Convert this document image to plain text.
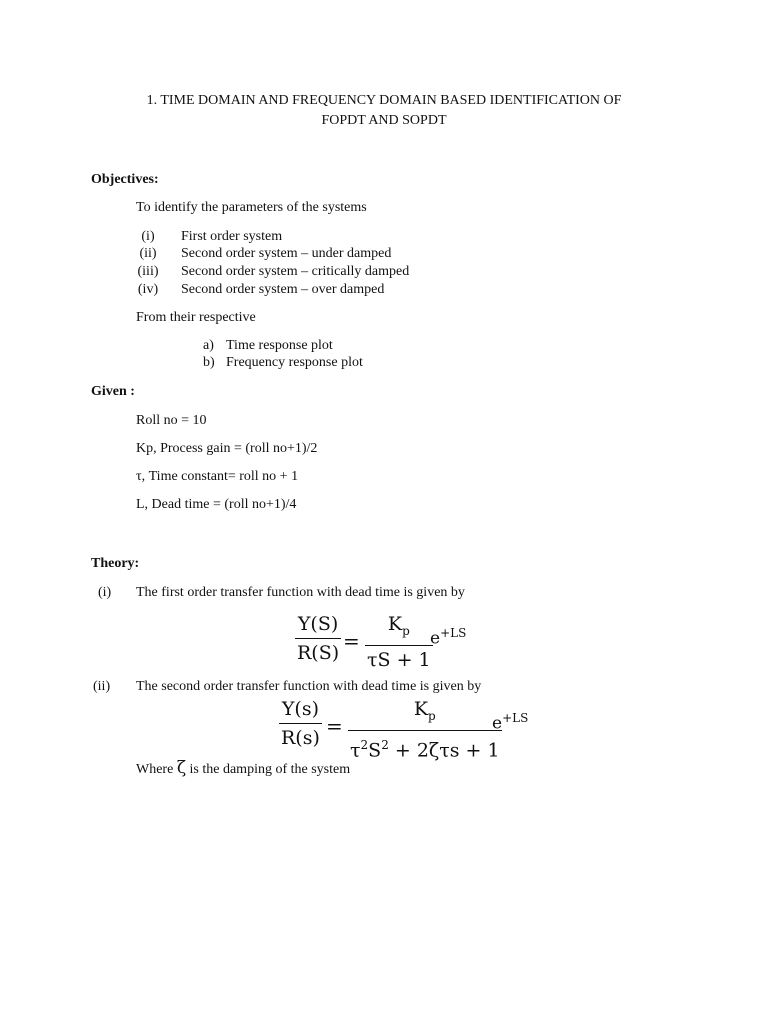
1. TIME DOMAIN AND FREQUENCY DOMAIN BASED IDENTIFICATION OF
FOPDT AND SOPDT
Objectives:
To identify the parameters of the systems
(i)	First order system
(ii) Second order system – under damped
(iii) Second order system – critically damped
(iv) Second order system – over damped
From their respective
a) Time response plot
b) Frequency response plot
Given :
Roll no = 10
Kp, Process gain = (roll no+1)/2
τ, Time constant= roll no + 1
L, Dead time = (roll no+1)/4
Theory:
(i) The first order transfer function with dead time is given by
Y(S)
R(S) =
$K_p$
τS + 1
$e^{+LS}$
(ii) The second order transfer function with dead time is given by
Y(s)
R(s) =
$K_p$
$\tau^2S^2 + 2\zeta\tau s + 1$
$e^{+LS}$
Where ζ is the damping of the system
